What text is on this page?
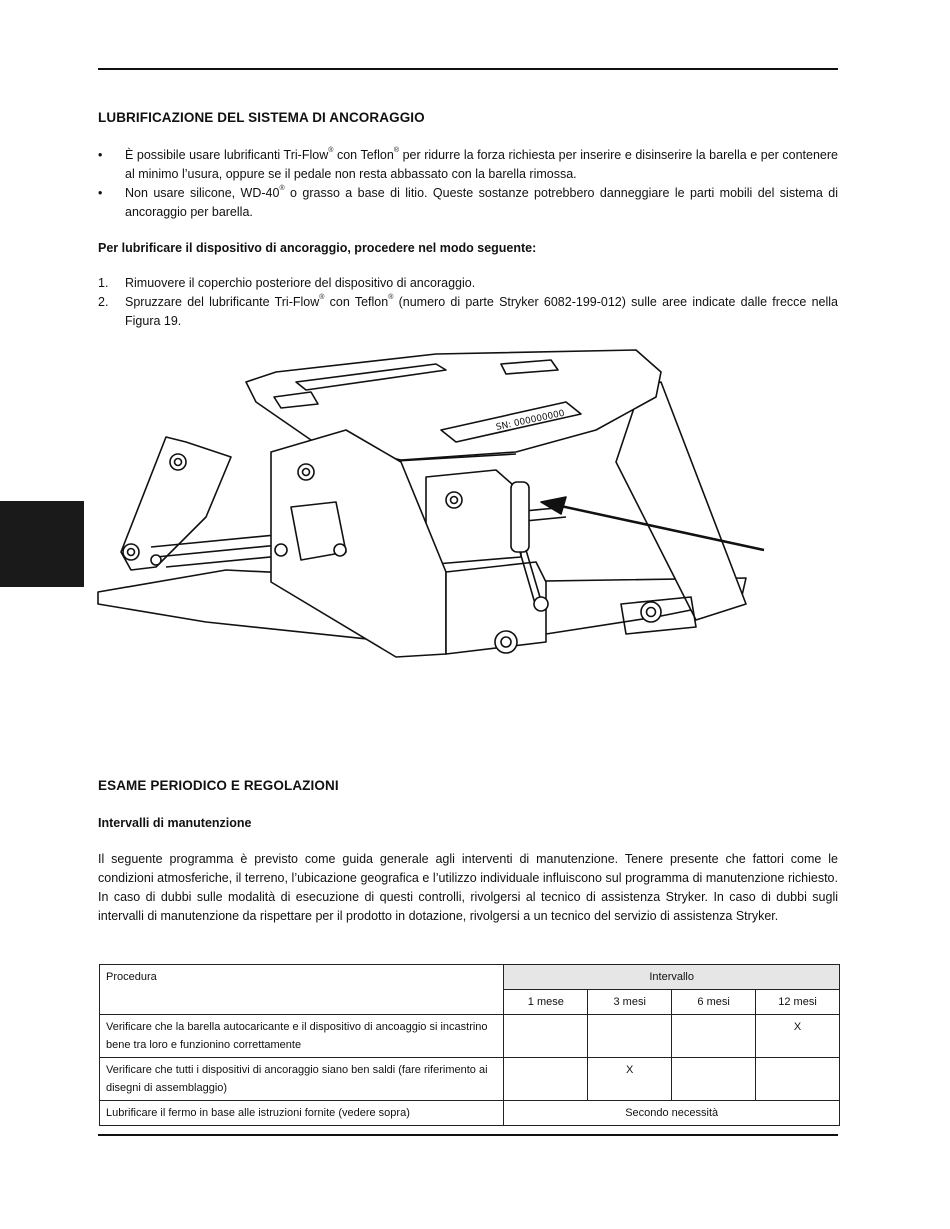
LUBRIFICAZIONE DEL SISTEMA DI ANCORAGGIO
• È possibile usare lubrificanti Tri-Flow® con Teflon® per ridurre la forza richiesta per inserire e disinserire la barella e per contenere al minimo l’usura, oppure se il pedale non resta abbassato con la barella rimossa.
• Non usare silicone, WD-40® o grasso a base di litio. Queste sostanze potrebbero danneggiare le parti mobili del sistema di ancoraggio per barella.

Per lubrificare il dispositivo di ancoraggio, procedere nel modo seguente:

1. Rimuovere il coperchio posteriore del dispositivo di ancoraggio.
2. Spruzzare del lubrificante Tri-Flow® con Teflon® (numero di parte Stryker 6082-199-012) sulle aree indicate dalle frecce nella Figura 19.
SN: 000000000
ESAME PERIODICO E REGOLAZIONI

Intervalli di manutenzione

Il seguente programma è previsto come guida generale agli interventi di manutenzione. Tenere presente che fattori come le condizioni atmosferiche, il terreno, l’ubicazione geografica e l’utilizzo individuale influiscono sul programma di manutenzione richiesto. In caso di dubbi sulle modalità di esecuzione di questi controlli, rivolgersi al tecnico di assistenza Stryker. In caso di dubbi sugli intervalli di manutenzione da rispettare per il prodotto in dotazione, rivolgersi a un tecnico del servizio di assistenza Stryker.

Procedura	Intervallo			
	1 mese	3 mesi	6 mesi	12 mesi
Verificare che la barella autocaricante e il dispositivo di ancoaggio si incastrino bene tra loro e funzionino correttamente				X
Verificare che tutti i dispositivi di ancoraggio siano ben saldi (fare riferimento ai disegni di assemblaggio)		X		
Lubrificare il fermo in base alle istruzioni fornite (vedere sopra)	Secondo necessità			
